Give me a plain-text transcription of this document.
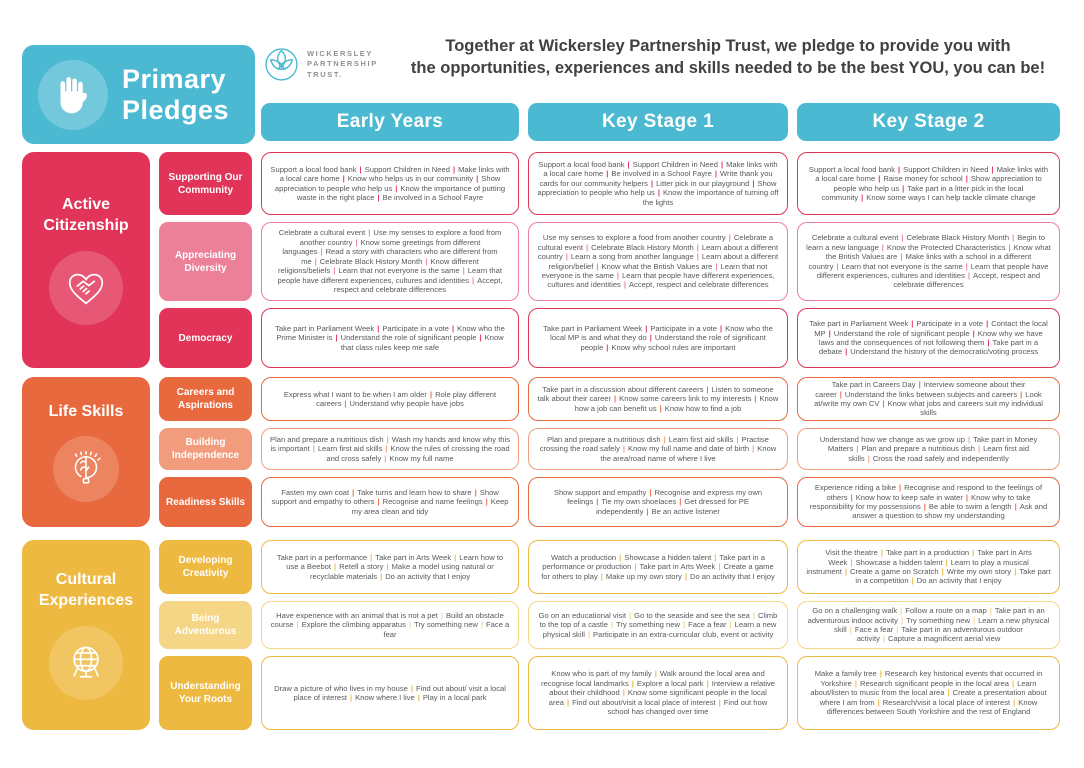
Primary
Pledges
WICKERSLEY
PARTNERSHIP
TRUST.
Together at Wickersley Partnership Trust, we pledge to provide you with
the opportunities, experiences and skills needed to be the best YOU, you can be!
Early Years	Key Stage 1	Key Stage 2
Active Citizenship
Supporting Our Community
Support a local food bank | Support Children in Need | Make links with a local care home | Know who helps us in our community | Show appreciation to people who help us | Know the importance of putting waste in the right place | Be involved in a School Fayre
Support a local food bank | Support Children in Need | Make links with a local care home | Be involved in a School Fayre | Write thank you cards for our community helpers | Litter pick in our playground | Show appreciation to people who help us | Know the importance of turning off the lights
Support a local food bank | Support Children in Need | Make links with a local care home | Raise money for school | Show appreciation to people who help us | Take part in a litter pick in the local community | Know some ways I can help tackle climate change
Appreciating Diversity
Celebrate a cultural event | Use my senses to explore a food from another country | Know some greetings from different languages | Read a story with characters who are different from me | Celebrate Black History Month | Know different religions/beliefs | Learn that not everyone is the same | Learn that people have different experiences, cultures and identities | Accept, respect and celebrate differences
Use my senses to explore a food from another country | Celebrate a cultural event | Celebrate Black History Month | Learn about a different country | Learn a song from another language | Learn about a different religion/belief | Know what the British Values are | Learn that not everyone is the same | Learn that people have different experiences, cultures and identities | Accept, respect and celebrate differences
Celebrate a cultural event | Celebrate Black History Month | Begin to learn a new language | Know the Protected Characteristics | Know what the British Values are | Make links with a school in a different country | Learn that not everyone is the same | Learn that people have different experiences, cultures and identities | Accept, respect and celebrate differences
Democracy
Take part in Parliament Week | Participate in a vote | Know who the Prime Minister is | Understand the role of significant people | Know that class rules keep me safe
Take part in Parliament Week | Participate in a vote | Know who the local MP is and what they do | Understand the role of significant people | Know why school rules are important
Take part in Parliament Week | Participate in a vote | Contact the local MP | Understand the role of significant people | Know why we have laws and the consequences of not following them | Take part in a debate | Understand the history of the democratic/voting process
Life Skills
Careers and Aspirations
Express what I want to be when I am older | Role play different careers | Understand why people have jobs
Take part in a discussion about different careers | Listen to someone talk about their career | Know some careers link to my interests | Know how a job can benefit us | Know how to find a job
Take part in Careers Day | Interview someone about their career | Understand the links between subjects and careers | Look at/write my own CV | Know what jobs and careers suit my individual skills
Building Independence
Plan and prepare a nutritious dish | Wash my hands and know why this is important | Learn first aid skills | Know the rules of crossing the road and cross safely | Know my full name
Plan and prepare a nutritious dish | Learn first aid skills | Practise crossing the road safely | Know my full name and date of birth | Know the area/road name of where I live
Understand how we change as we grow up | Take part in Money Matters | Plan and prepare a nutritious dish | Learn first aid skills | Cross the road safely and independently
Readiness Skills
Fasten my own coat | Take turns and learn how to share | Show support and empathy to others | Recognise and name feelings | Keep my area clean and tidy
Show support and empathy | Recognise and express my own feelings | Tie my own shoelaces | Get dressed for PE independently | Be an active listener
Experience riding a bike | Recognise and respond to the feelings of others | Know how to keep safe in water | Know why to take responsibility for my possessions | Be able to swim a length | Ask and answer a question to show my understanding
Cultural Experiences
Developing Creativity
Take part in a performance | Take part in Arts Week | Learn how to use a Beebot | Retell a story | Make a model using natural or recyclable materials | Do an activity that I enjoy
Watch a production | Showcase a hidden talent | Take part in a performance or production | Take part in Arts Week | Create a game for others to play | Make up my own story | Do an activity that I enjoy
Visit the theatre | Take part in a production | Take part in Arts Week | Showcase a hidden talent | Learn to play a musical instrument | Create a game on Scratch | Write my own story | Take part in a competition | Do an activity that I enjoy
Being Adventurous
Have experience with an animal that is not a pet | Build an obstacle course | Explore the climbing apparatus | Try something new | Face a fear
Go on an educational visit | Go to the seaside and see the sea | Climb to the top of a castle | Try something new | Face a fear | Learn a new physical skill | Participate in an extra-curricular club, event or activity
Go on a challenging walk | Follow a route on a map | Take part in an adventurous indoor activity | Try something new | Learn a new physical skill | Face a fear | Take part in an adventurous outdoor activity | Capture a magnificent aerial view
Understanding Your Roots
Draw a picture of who lives in my house | Find out about/ visit a local place of interest | Know where I live | Play in a local park
Know who is part of my family | Walk around the local area and recognise local landmarks | Explore a local park | Interview a relative about their childhood | Know some significant people in the local area | Find out about/visit a local place of interest | Find out how school has changed over time
Make a family tree | Research key historical events that occurred in Yorkshire | Research significant people in the local area | Learn about/listen to music from the local area | Create a presentation about where I am from | Research/visit a local place of interest | Know differences between South Yorkshire and the rest of England
